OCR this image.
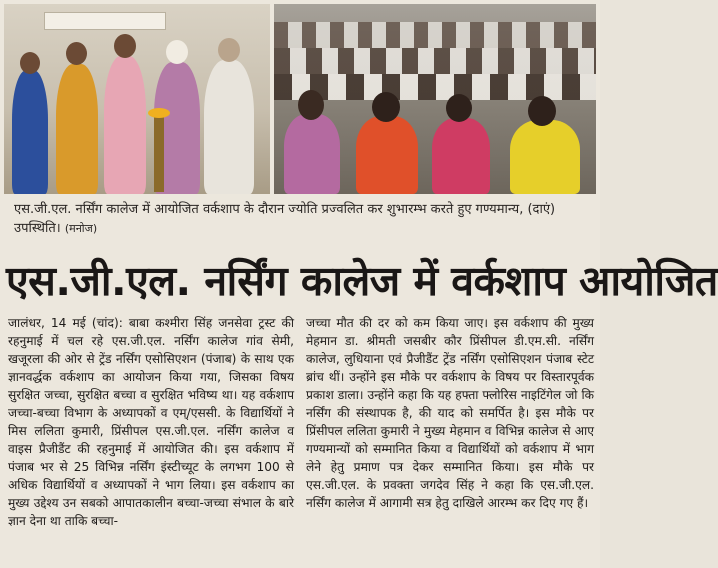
एस.जी.एल. नर्सिंग कालेज में आयोजित वर्कशाप के दौरान ज्योति प्रज्वलित कर शुभारम्भ करते हुए गण्यमान्य, (दाएं) उपस्थिति। (मनोज)
एस.जी.एल. नर्सिंग कालेज में वर्कशाप आयोजित

जालंधर, 14 मई (चांद): बाबा कश्मीरा सिंह जनसेवा ट्रस्ट की रहनुमाई में चल रहे एस.जी.एल. नर्सिंग कालेज गांव सेमी, खजूरला की ओर से ट्रेंड नर्सिंग एसोसिएशन (पंजाब) के साथ एक ज्ञानवर्द्धक वर्कशाप का आयोजन किया गया, जिसका विषय सुरक्षित जच्चा, सुरक्षित बच्चा व सुरक्षित भविष्य था। यह वर्कशाप जच्चा-बच्चा विभाग के अध्यापकों व एम्/एससी. के विद्यार्थियों ने मिस ललिता कुमारी, प्रिंसीपल एस.जी.एल. नर्सिंग कालेज व वाइस प्रैजीडैंट की रहनुमाई में आयोजित की। इस वर्कशाप में पंजाब भर से 25 विभिन्न नर्सिंग इंस्टीच्यूट के लगभग 100 से अधिक विद्यार्थियों व अध्यापकों ने भाग लिया। इस वर्कशाप का मुख्य उद्देश्य उन सबको आपातकालीन बच्चा-जच्चा संभाल के बारे ज्ञान देना था ताकि बच्चा-

जच्चा मौत की दर को कम किया जाए। इस वर्कशाप की मुख्य मेहमान डा. श्रीमती जसबीर कौर प्रिंसीपल डी.एम.सी. नर्सिंग कालेज, लुधियाना एवं प्रैजीडैंट ट्रेंड नर्सिंग एसोसिएशन पंजाब स्टेट ब्रांच थीं। उन्होंने इस मौके पर वर्कशाप के विषय पर विस्तारपूर्वक प्रकाश डाला। उन्होंने कहा कि यह हफ्ता फ्लोरिस नाइटिंगेल जो कि नर्सिंग की संस्थापक है, की याद को समर्पित है। इस मौके पर प्रिंसीपल ललिता कुमारी ने मुख्य मेहमान व विभिन्न कालेज से आए गण्यमान्यों को सम्मानित किया व विद्यार्थियों को वर्कशाप में भाग लेने हेतु प्रमाण पत्र देकर सम्मानित किया। इस मौके पर एस.जी.एल. के प्रवक्ता जगदेव सिंह ने कहा कि एस.जी.एल. नर्सिंग कालेज में आगामी सत्र हेतु दाखिले आरम्भ कर दिए गए हैं।
